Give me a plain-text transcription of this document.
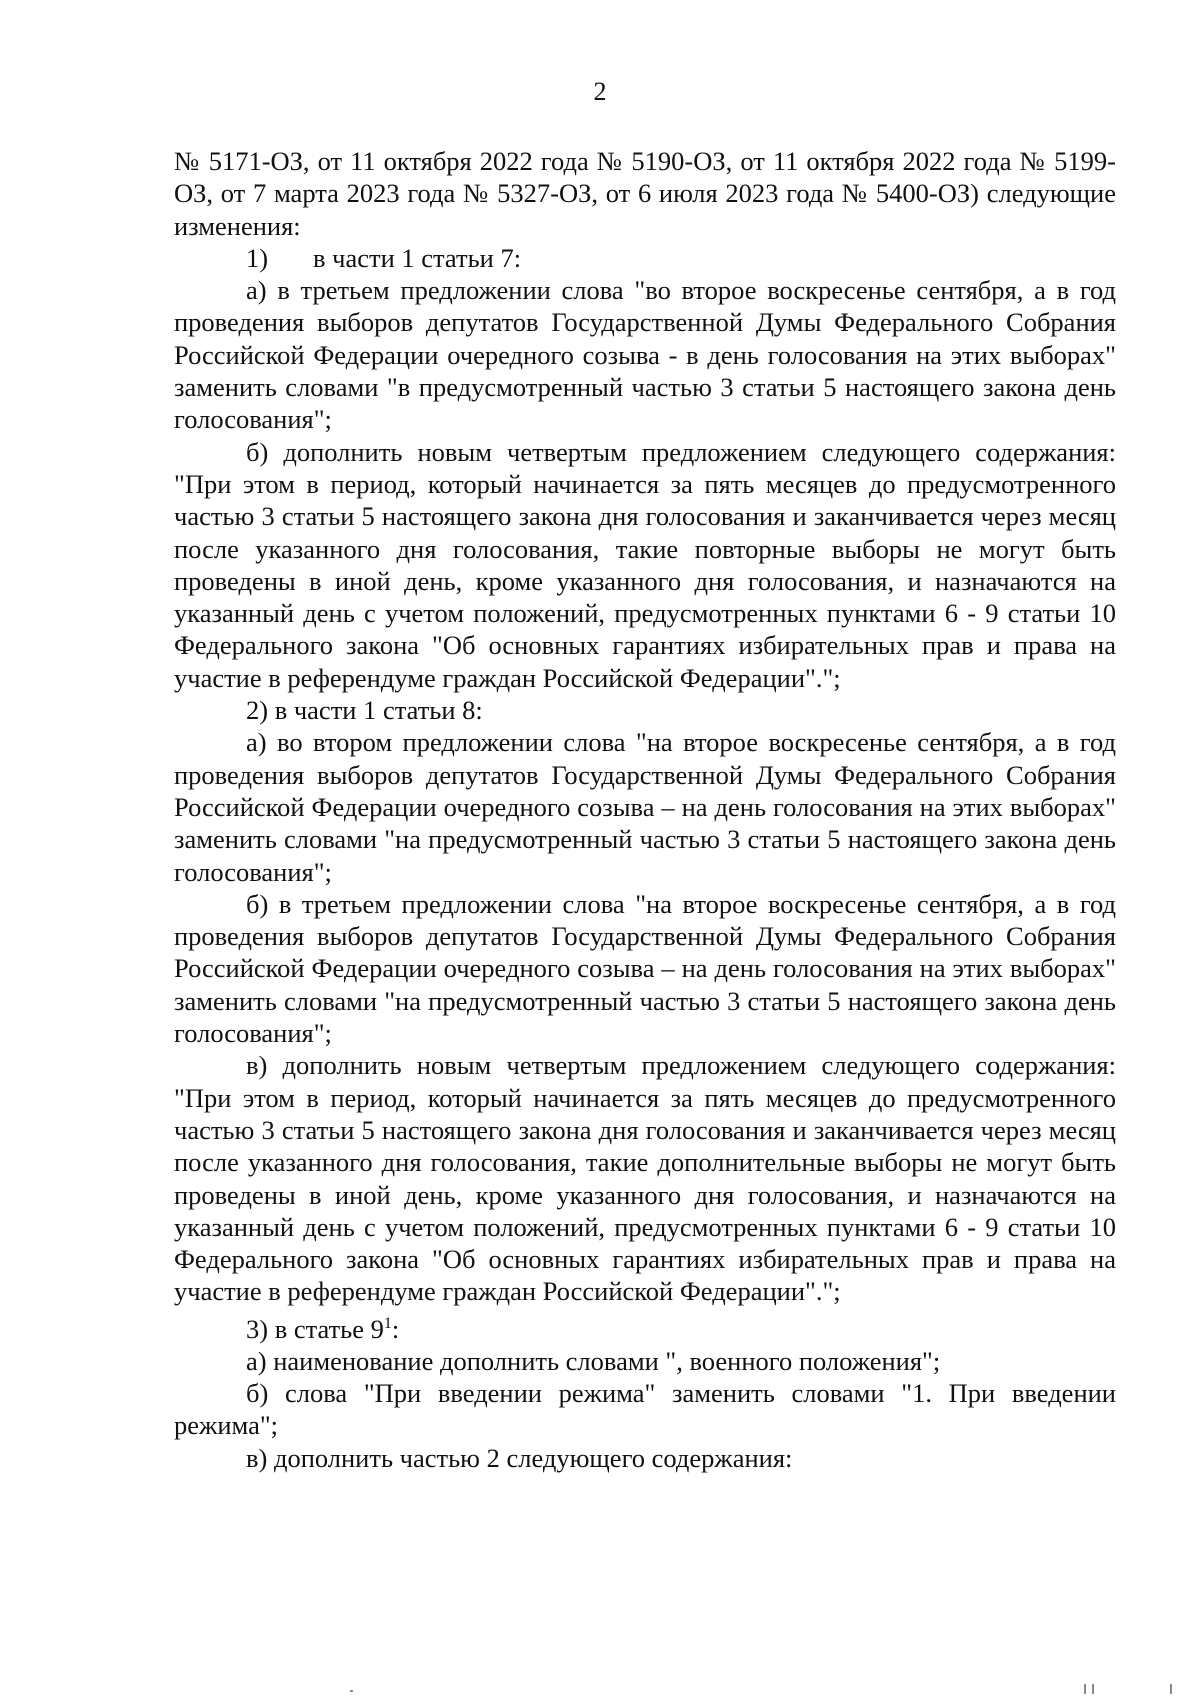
2

№ 5171-ОЗ, от 11 октября 2022 года № 5190-ОЗ, от 11 октября 2022 года № 5199-ОЗ, от 7 марта 2023 года № 5327-ОЗ, от 6 июля 2023 года № 5400-ОЗ) следующие изменения:

1) в части 1 статьи 7:

а) в третьем предложении слова "во второе воскресенье сентября, а в год проведения выборов депутатов Государственной Думы Федерального Собрания Российской Федерации очередного созыва - в день голосования на этих выборах" заменить словами "в предусмотренный частью 3 статьи 5 настоящего закона день голосования";

б) дополнить новым четвертым предложением следующего содержания: "При этом в период, который начинается за пять месяцев до предусмотренного частью 3 статьи 5 настоящего закона дня голосования и заканчивается через месяц после указанного дня голосования, такие повторные выборы не могут быть проведены в иной день, кроме указанного дня голосования, и назначаются на указанный день с учетом положений, предусмотренных пунктами 6 - 9 статьи 10 Федерального закона "Об основных гарантиях избирательных прав и права на участие в референдуме граждан Российской Федерации".";

2) в части 1 статьи 8:

а) во втором предложении слова "на второе воскресенье сентября, а в год проведения выборов депутатов Государственной Думы Федерального Собрания Российской Федерации очередного созыва – на день голосования на этих выборах" заменить словами "на предусмотренный частью 3 статьи 5 настоящего закона день голосования";

б) в третьем предложении слова "на второе воскресенье сентября, а в год проведения выборов депутатов Государственной Думы Федерального Собрания Российской Федерации очередного созыва – на день голосования на этих выборах" заменить словами "на предусмотренный частью 3 статьи 5 настоящего закона день голосования";

в) дополнить новым четвертым предложением следующего содержания: "При этом в период, который начинается за пять месяцев до предусмотренного частью 3 статьи 5 настоящего закона дня голосования и заканчивается через месяц после указанного дня голосования, такие дополнительные выборы не могут быть проведены в иной день, кроме указанного дня голосования, и назначаются на указанный день с учетом положений, предусмотренных пунктами 6 - 9 статьи 10 Федерального закона "Об основных гарантиях избирательных прав и права на участие в референдуме граждан Российской Федерации".";

3) в статье $9^1$:

а) наименование дополнить словами ", военного положения";

б) слова "При введении режима" заменить словами "1. При введении режима";

в) дополнить частью 2 следующего содержания:
